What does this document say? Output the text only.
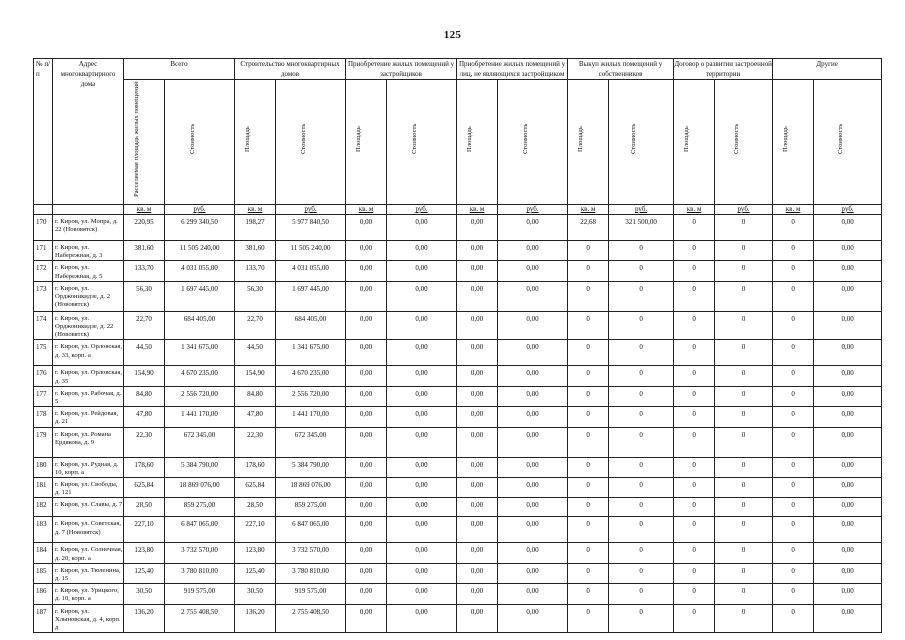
125
№ п/п	Адрес многоквартирного дома	Всего		Строительство многоквартирных домов		Приобретение жилых помещений у застройщиков		Приобретение жилых помещений у лиц, не являющихся застройщиком		Выкуп жилых помещений у собственников		Договор о развитии застроенной территории		Другие	

		Расселяемая площадь жилых помещений	Стоимость	Площадь	Стоимость	Площадь	Стоимость	Площадь	Стоимость	Площадь	Стоимость	Площадь	Стоимость	Площадь	Стоимость

		кв. м	руб.	кв. м	руб.	кв. м	руб.	кв. м	руб.	кв. м	руб.	кв. м	руб.	кв. м	руб.
170	г. Киров, ул. Мопра, д. 22 (Нововятск)	220,95	6 299 340,50	198,27	5 977 840,50	0,00	0,00	0,00	0,00	22,68	321 500,00	0	0	0	0,00
171	г. Киров, ул. Набережная, д. 3	381,60	11 505 240,00	381,60	11 505 240,00	0,00	0,00	0,00	0,00	0	0	0	0	0	0,00
172	г. Киров, ул. Набережная, д. 5	133,70	4 031 055,00	133,70	4 031 055,00	0,00	0,00	0,00	0,00	0	0	0	0	0	0,00
173	г. Киров, ул. Орджоникидзе, д. 2 (Нововятск)	56,30	1 697 445,00	56,30	1 697 445,00	0,00	0,00	0,00	0,00	0	0	0	0	0	0,00
174	г. Киров, ул. Орджоникидзе, д. 22 (Нововятск)	22,70	684 405,00	22,70	684 405,00	0,00	0,00	0,00	0,00	0	0	0	0	0	0,00
175	г. Киров, ул. Орловская, д. 33, корп. а	44,50	1 341 675,00	44,50	1 341 675,00	0,00	0,00	0,00	0,00	0	0	0	0	0	0,00
176	г. Киров, ул. Орловская, д. 35	154,90	4 670 235,00	154,90	4 670 235,00	0,00	0,00	0,00	0,00	0	0	0	0	0	0,00
177	г. Киров, ул. Рабочая, д. 5	84,80	2 556 720,00	84,80	2 556 720,00	0,00	0,00	0,00	0,00	0	0	0	0	0	0,00
178	г. Киров, ул. Рейдовая, д. 21	47,80	1 441 170,00	47,80	1 441 170,00	0,00	0,00	0,00	0,00	0	0	0	0	0	0,00
179	г. Киров, ул. Романа Ердякова, д. 9	22,30	672 345,00	22,30	672 345,00	0,00	0,00	0,00	0,00	0	0	0	0	0	0,00
180	г. Киров, ул. Рудная, д. 10, корп. а	178,60	5 384 790,00	178,60	5 384 790,00	0,00	0,00	0,00	0,00	0	0	0	0	0	0,00
181	г. Киров, ул. Свободы, д. 121	625,84	18 869 076,00	625,84	18 869 076,00	0,00	0,00	0,00	0,00	0	0	0	0	0	0,00
182	г. Киров, ул. Славы, д. 7	28,50	859 275,00	28,50	859 275,00	0,00	0,00	0,00	0,00	0	0	0	0	0	0,00
183	г. Киров, ул. Советская, д. 7 (Нововятск)	227,10	6 847 065,00	227,10	6 847 065,00	0,00	0,00	0,00	0,00	0	0	0	0	0	0,00
184	г. Киров, ул. Солнечная, д. 20, корп. а	123,80	3 732 570,00	123,80	3 732 570,00	0,00	0,00	0,00	0,00	0	0	0	0	0	0,00
185	г. Киров, ул. Тюленина, д. 15	125,40	3 780 810,00	125,40	3 780 810,00	0,00	0,00	0,00	0,00	0	0	0	0	0	0,00
186	г. Киров, ул. Урицкого, д. 10, корп. а	30,50	919 575,00	30,50	919 575,00	0,00	0,00	0,00	0,00	0	0	0	0	0	0,00
187	г. Киров, ул. Хлыновская, д. 4, корп. д	136,20	2 755 408,50	136,20	2 755 408,50	0,00	0,00	0,00	0,00	0	0	0	0	0	0,00
